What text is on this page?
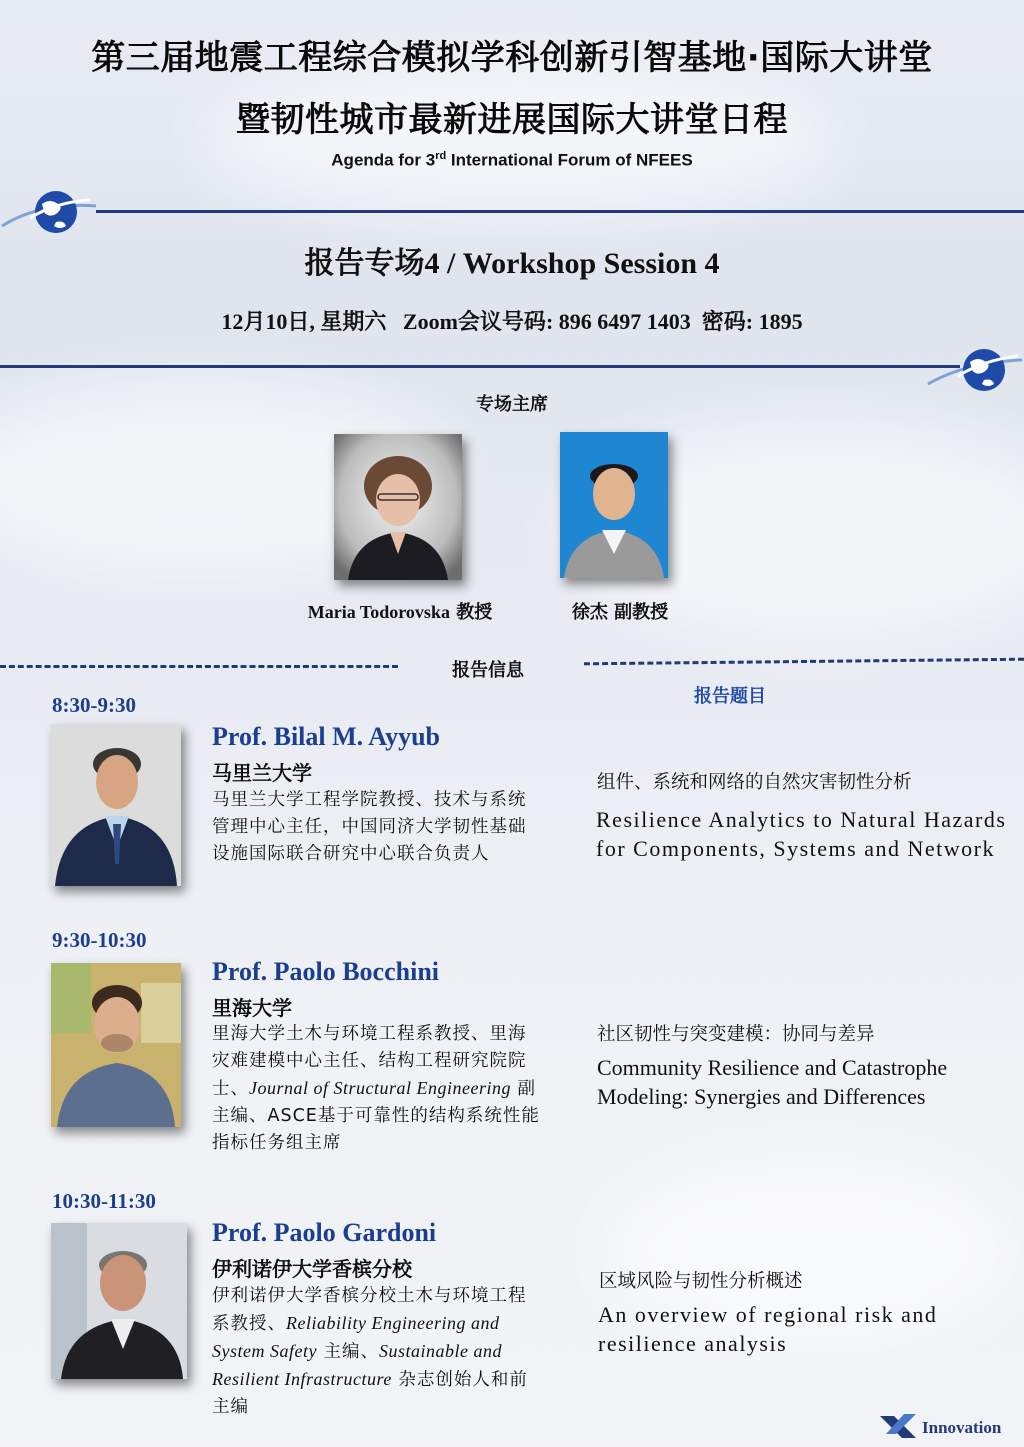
第三届地震工程综合模拟学科创新引智基地·国际大讲堂
暨韧性城市最新进展国际大讲堂日程
Agenda for 3rd International Forum of NFEES
报告专场4 / Workshop Session 4
12月10日, 星期六 Zoom会议号码: 896 6497 1403 密码: 1895
专场主席
Maria Todorovska 教授	徐杰 副教授
报告信息
报告题目
8:30-9:30
Prof. Bilal M. Ayyub
马里兰大学
马里兰大学工程学院教授、技术与系统管理中心主任，中国同济大学韧性基础设施国际联合研究中心联合负责人
组件、系统和网络的自然灾害韧性分析
Resilience Analytics to Natural Hazards for Components, Systems and Network
9:30-10:30
Prof. Paolo Bocchini
里海大学
里海大学土木与环境工程系教授、里海灾难建模中心主任、结构工程研究院院士、Journal of Structural Engineering 副主编、ASCE基于可靠性的结构系统性能指标任务组主席
社区韧性与突变建模：协同与差异
Community Resilience and Catastrophe Modeling: Synergies and Differences
10:30-11:30
Prof. Paolo Gardoni
伊利诺伊大学香槟分校
伊利诺伊大学香槟分校土木与环境工程系教授、Reliability Engineering and System Safety 主编、Sustainable and Resilient Infrastructure 杂志创始人和前主编
区域风险与韧性分析概述
An overview of regional risk and resilience analysis
Innovation
